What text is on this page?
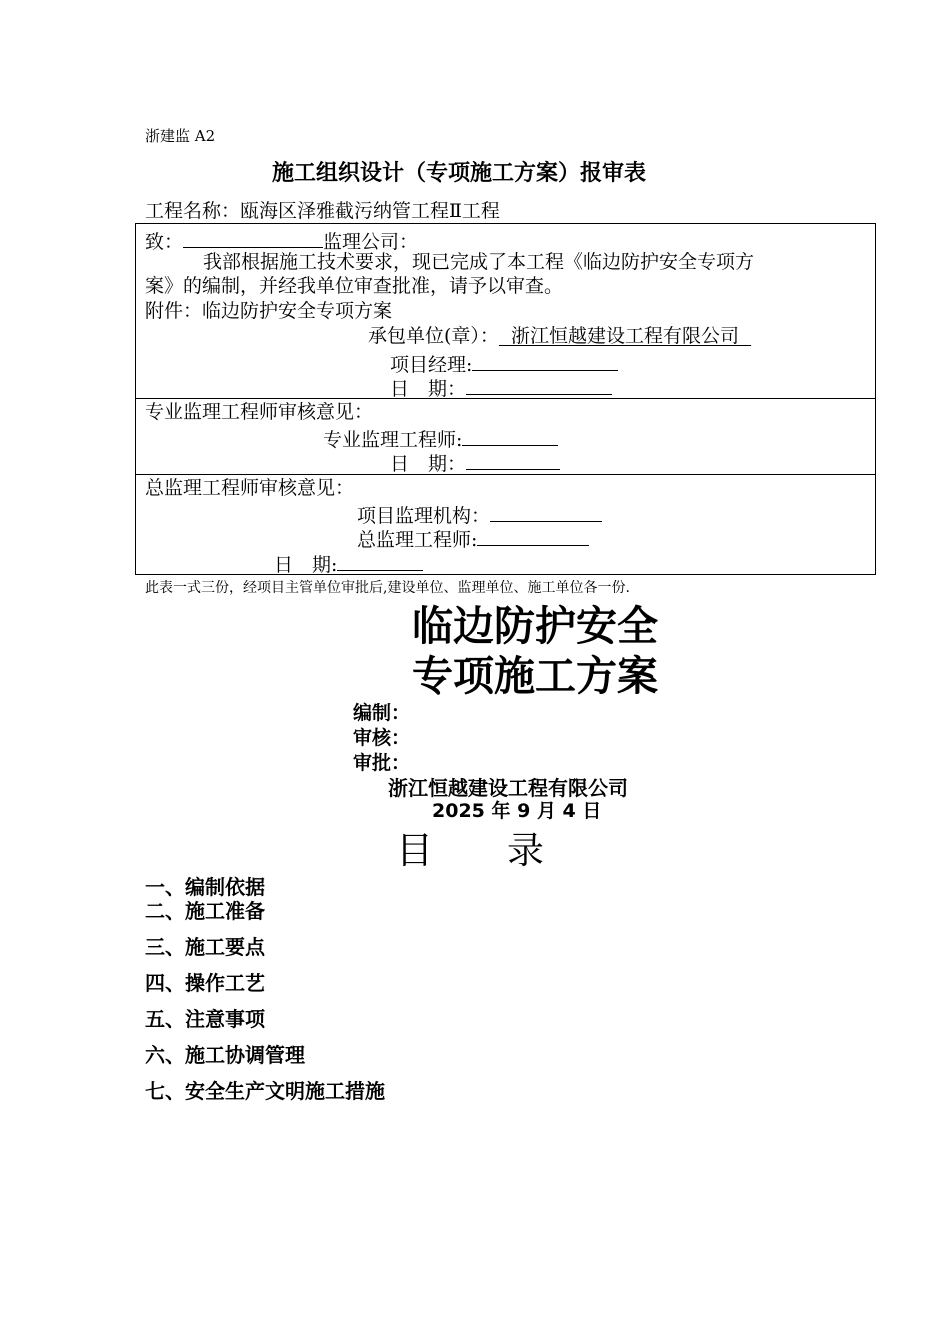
浙建监 A2
施工组织设计（专项施工方案）报审表
工程名称：瓯海区泽雅截污纳管工程Ⅱ工程
致：	监理公司：
我部根据施工技术要求，现已完成了本工程《临边防护安全专项方
案》的编制，并经我单位审查批准，请予以审查。
附件：临边防护安全专项方案
承包单位(章）： 浙江恒越建设工程有限公司
项目经理:
日　期：
专业监理工程师审核意见：
专业监理工程师:
日　期：
总监理工程师审核意见：
项目监理机构：
总监理工程师:
日　期:
此表一式三份，经项目主管单位审批后,建设单位、监理单位、施工单位各一份.
临边防护安全
专项施工方案
编制：
审核：
审批：
浙江恒越建设工程有限公司
2025 年 9 月 4 日
目　　录
一、编制依据
二、施工准备
三、施工要点
四、操作工艺
五、注意事项
六、施工协调管理
七、安全生产文明施工措施
